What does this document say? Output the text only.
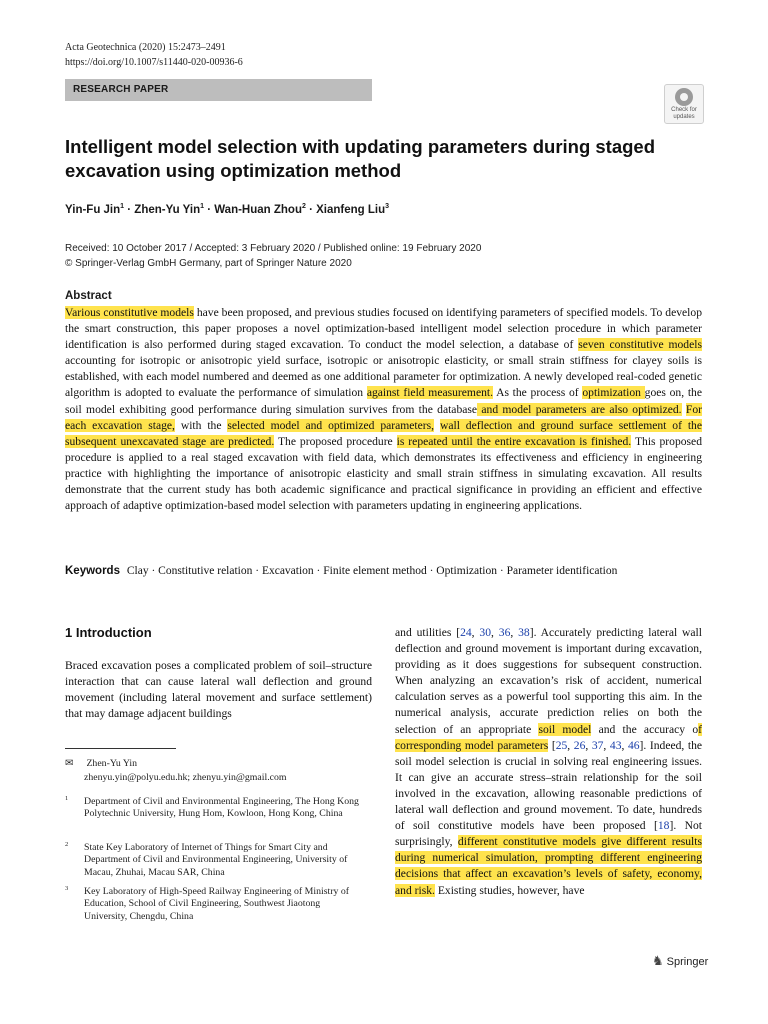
Acta Geotechnica (2020) 15:2473–2491
https://doi.org/10.1007/s11440-020-00936-6
RESEARCH PAPER
Check for
updates
Intelligent model selection with updating parameters during staged excavation using optimization method
Yin-Fu Jin$^1$ · Zhen-Yu Yin$^1$ · Wan-Huan Zhou$^2$ · Xianfeng Liu$^3$
Received: 10 October 2017 / Accepted: 3 February 2020 / Published online: 19 February 2020
© Springer-Verlag GmbH Germany, part of Springer Nature 2020
Abstract
Various constitutive models have been proposed, and previous studies focused on identifying parameters of specified models. To develop the smart construction, this paper proposes a novel optimization-based intelligent model selection procedure in which parameter identification is also performed during staged excavation. To conduct the model selection, a database of seven constitutive models accounting for isotropic or anisotropic yield surface, isotropic or anisotropic elasticity, or small strain stiffness for clayey soils is established, with each model numbered and deemed as one additional parameter for optimization. A newly developed real-coded genetic algorithm is adopted to evaluate the performance of simulation against field measurement. As the process of optimization goes on, the soil model exhibiting good performance during simulation survives from the database and model parameters are also optimized. For each excavation stage, with the selected model and optimized parameters, wall deflection and ground surface settlement of the subsequent unexcavated stage are predicted. The proposed procedure is repeated until the entire excavation is finished. This proposed procedure is applied to a real staged excavation with field data, which demonstrates its effectiveness and efficiency in engineering practice with highlighting the importance of anisotropic elasticity and small strain stiffness in simulating excavation. All results demonstrate that the current study has both academic significance and practical significance in providing an efficient and effective approach of adaptive optimization-based model selection with parameters updating in engineering applications.
Keywords Clay · Constitutive relation · Excavation · Finite element method · Optimization · Parameter identification
1 Introduction
Braced excavation poses a complicated problem of soil–structure interaction that can cause lateral wall deflection and ground movement (including lateral movement and surface settlement) that may damage adjacent buildings
and utilities [24, 30, 36, 38]. Accurately predicting lateral wall deflection and ground movement is important during excavation, providing as it does suggestions for subsequent construction. When analyzing an excavation’s risk of accident, numerical calculation serves as a powerful tool supporting this aim. In the numerical analysis, accurate prediction relies on both the selection of an appropriate soil model and the accuracy of corresponding model parameters [25, 26, 37, 43, 46]. Indeed, the soil model selection is crucial in solving real engineering issues. It can give an accurate stress–strain relationship for the soil involved in the excavation, allowing reasonable predictions of lateral wall deflection and ground movement. To date, hundreds of soil constitutive models have been proposed [18]. Not surprisingly, different constitutive models give different results during numerical simulation, prompting different engineering decisions that affect an excavation’s levels of safety, economy, and risk. Existing studies, however, have
✉ Zhen-Yu Yin
zhenyu.yin@polyu.edu.hk; zhenyu.yin@gmail.com
1 Department of Civil and Environmental Engineering, The Hong Kong Polytechnic University, Hung Hom, Kowloon, Hong Kong, China
2 State Key Laboratory of Internet of Things for Smart City and Department of Civil and Environmental Engineering, University of Macau, Zhuhai, Macau SAR, China
3 Key Laboratory of High-Speed Railway Engineering of Ministry of Education, School of Civil Engineering, Southwest Jiaotong University, Chengdu, China
♞ Springer
